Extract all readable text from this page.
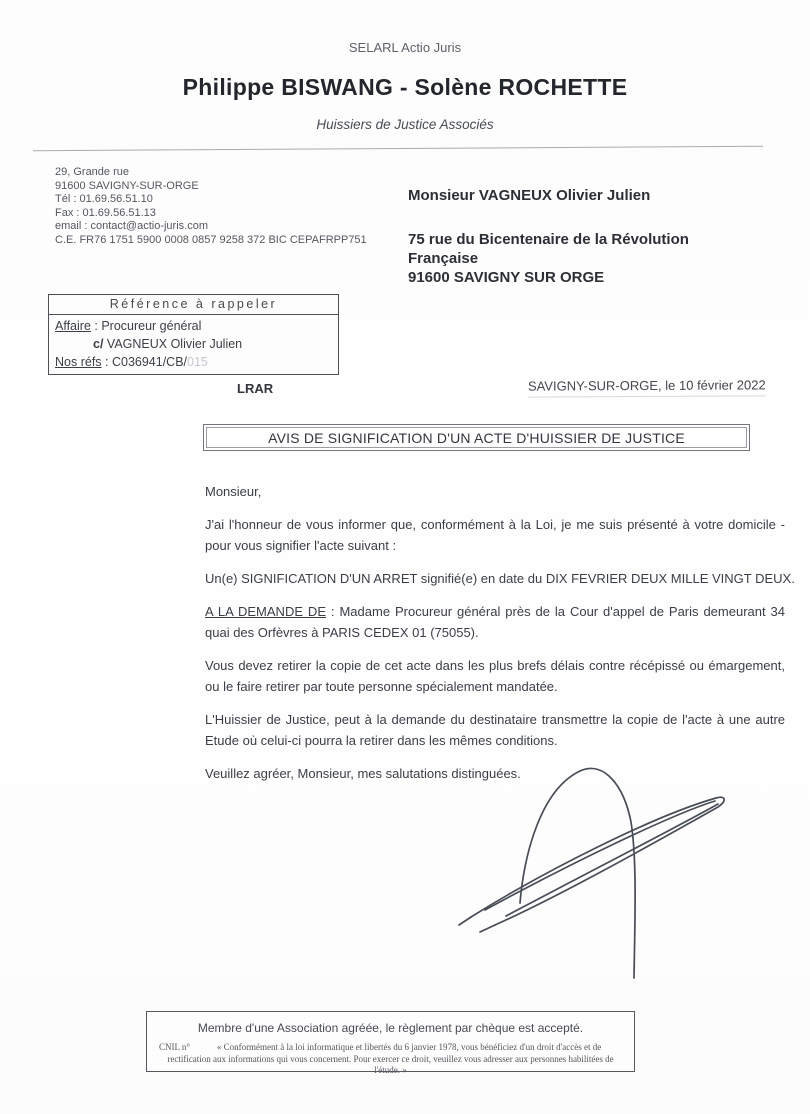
SELARL Actio Juris
Philippe BISWANG - Solène ROCHETTE
Huissiers de Justice Associés
29, Grande rue
91600 SAVIGNY-SUR-ORGE
Tél : 01.69.56.51.10
Fax : 01.69.56.51.13
email : contact@actio-juris.com
C.E. FR76 1751 5900 0008 0857 9258 372 BIC CEPAFRPP751
Monsieur VAGNEUX Olivier Julien
75 rue du Bicentenaire de la Révolution
Française
91600 SAVIGNY SUR ORGE
Référence à rappeler
Affaire : Procureur général
c/ VAGNEUX Olivier Julien
Nos réfs : C036941/CB/015
LRAR	SAVIGNY-SUR-ORGE, le 10 février 2022
AVIS DE SIGNIFICATION D'UN ACTE D'HUISSIER DE JUSTICE

Monsieur,

J'ai l'honneur de vous informer que, conformément à la Loi, je me suis présenté à votre domicile - pour vous signifier l'acte suivant :

Un(e) SIGNIFICATION D'UN ARRET signifié(e) en date du DIX FEVRIER DEUX MILLE VINGT DEUX.

A LA DEMANDE DE : Madame Procureur général près de la Cour d'appel de Paris demeurant 34 quai des Orfèvres à PARIS CEDEX 01 (75055).

Vous devez retirer la copie de cet acte dans les plus brefs délais contre récépissé ou émargement, ou le faire retirer par toute personne spécialement mandatée.

L'Huissier de Justice, peut à la demande du destinataire transmettre la copie de l'acte à une autre Etude où celui-ci pourra la retirer dans les mêmes conditions.

Veuillez agréer, Monsieur, mes salutations distinguées.

Membre d'une Association agréée, le règlement par chèque est accepté.
CNIL n°	« Conformément à la loi informatique et libertés du 6 janvier 1978, vous bénéficiez d'un droit d'accès et de rectification aux informations qui vous concernent. Pour exercer ce droit, veuillez vous adresser aux personnes habilitées de l'étude. »
